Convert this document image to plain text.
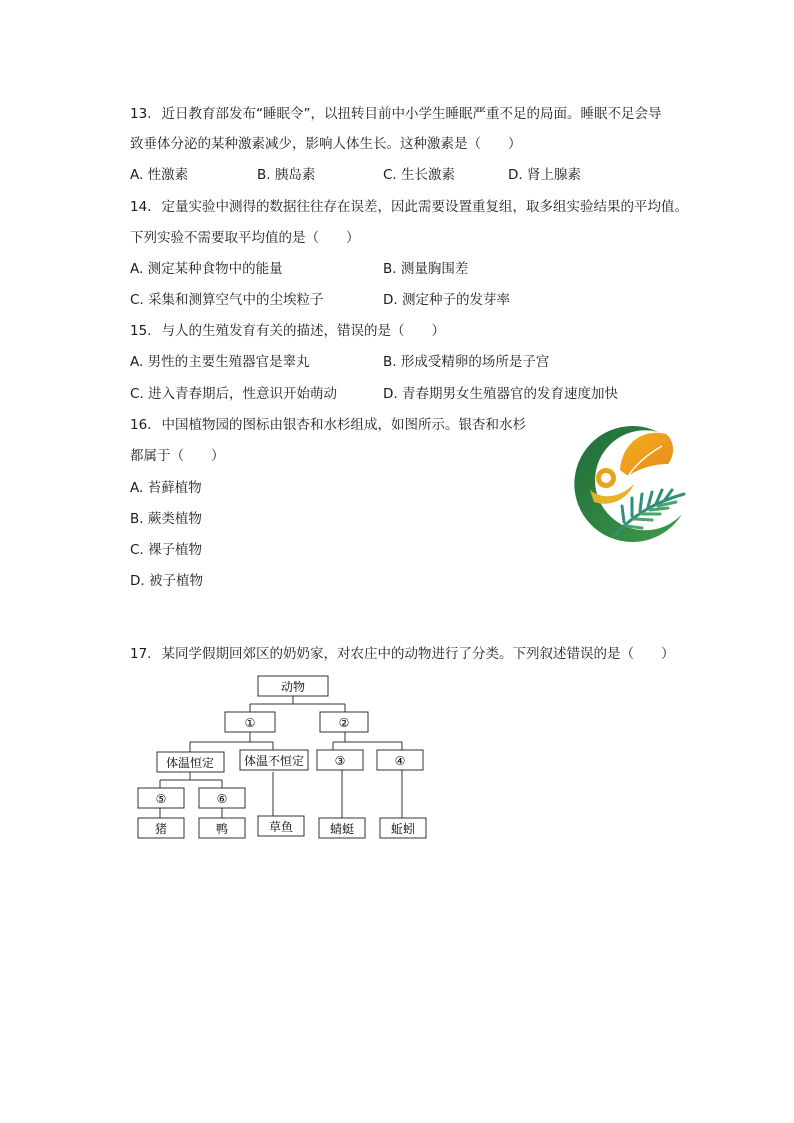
13. 近日教育部发布“睡眠令”，以扭转目前中小学生睡眠严重不足的局面。睡眠不足会导
致垂体分泌的某种激素减少，影响人体生长。这种激素是（　　）
A. 性激素	B. 胰岛素	C. 生长激素	D. 肾上腺素
14. 定量实验中测得的数据往往存在误差，因此需要设置重复组，取多组实验结果的平均值。
下列实验不需要取平均值的是（　　）
A. 测定某种食物中的能量	B. 测量胸围差
C. 采集和测算空气中的尘埃粒子	D. 测定种子的发芽率
15. 与人的生殖发育有关的描述，错误的是（　　）
A. 男性的主要生殖器官是睾丸	B. 形成受精卵的场所是子宫
C. 进入青春期后，性意识开始萌动	D. 青春期男女生殖器官的发育速度加快
16. 中国植物园的图标由银杏和水杉组成，如图所示。银杏和水杉
都属于（　　）
A. 苔藓植物
B. 蕨类植物
C. 裸子植物
D. 被子植物
17. 某同学假期回郊区的奶奶家，对农庄中的动物进行了分类。下列叙述错误的是（　　）
动物
①	②
体温恒定 体温不恒定	③	④
⑤	⑥
猪	鸭	草鱼	蜻蜓	蚯蚓
